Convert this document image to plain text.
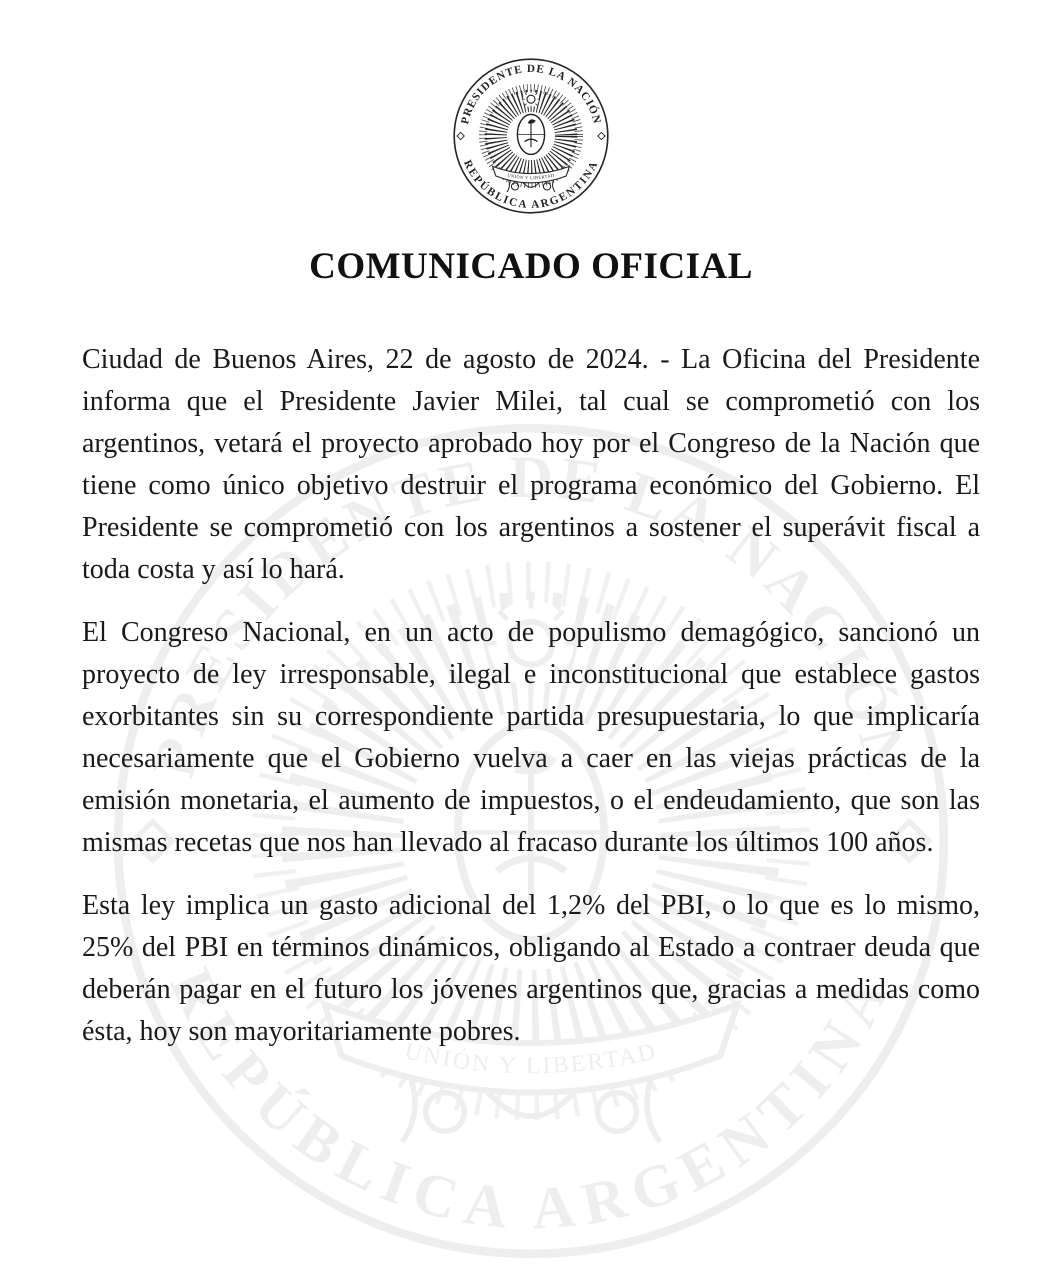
COMUNICADO OFICIAL

Ciudad de Buenos Aires, 22 de agosto de 2024. - La Oficina del Presidente informa que el Presidente Javier Milei, tal cual se comprometió con los argentinos, vetará el proyecto aprobado hoy por el Congreso de la Nación que tiene como único objetivo destruir el programa económico del Gobierno. El Presidente se comprometió con los argentinos a sostener el superávit fiscal a toda costa y así lo hará.

El Congreso Nacional, en un acto de populismo demagógico, sancionó un proyecto de ley irresponsable, ilegal e inconstitucional que establece gastos exorbitantes sin su correspondiente partida presupuestaria, lo que implicaría necesariamente que el Gobierno vuelva a caer en las viejas prácticas de la emisión monetaria, el aumento de impuestos, o el endeudamiento, que son las mismas recetas que nos han llevado al fracaso durante los últimos 100 años.

Esta ley implica un gasto adicional del 1,2% del PBI, o lo que es lo mismo, 25% del PBI en términos dinámicos, obligando al Estado a contraer deuda que deberán pagar en el futuro los jóvenes argentinos que, gracias a medidas como ésta, hoy son mayoritariamente pobres.
